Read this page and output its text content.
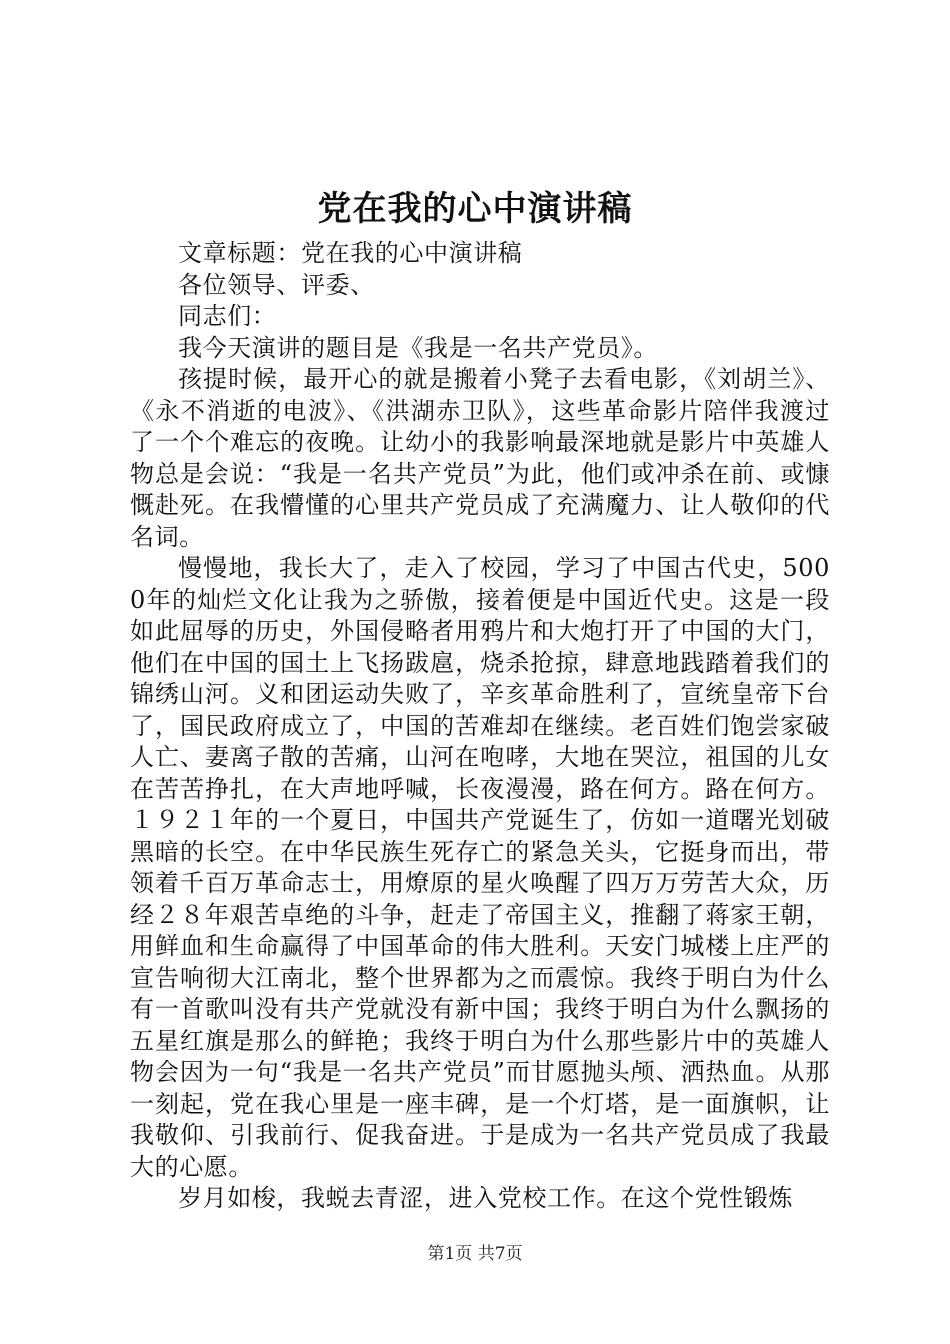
党在我的心中演讲稿

文章标题：党在我的心中演讲稿

各位领导、评委、

同志们：

我今天演讲的题目是《我是一名共产党员》。

孩提时候，最开心的就是搬着小凳子去看电影，《刘胡兰》、《永不消逝的电波》、《洪湖赤卫队》，这些革命影片陪伴我渡过了一个个难忘的夜晚。让幼小的我影响最深地就是影片中英雄人物总是会说：“我是一名共产党员”为此，他们或冲杀在前、或慷慨赴死。在我懵懂的心里共产党员成了充满魔力、让人敬仰的代名词。

慢慢地，我长大了，走入了校园，学习了中国古代史，5000年的灿烂文化让我为之骄傲，接着便是中国近代史。这是一段如此屈辱的历史，外国侵略者用鸦片和大炮打开了中国的大门，他们在中国的国土上飞扬跋扈，烧杀抢掠，肆意地践踏着我们的锦绣山河。义和团运动失败了，辛亥革命胜利了，宣统皇帝下台了，国民政府成立了，中国的苦难却在继续。老百姓们饱尝家破人亡、妻离子散的苦痛，山河在咆哮，大地在哭泣，祖国的儿女在苦苦挣扎，在大声地呼喊，长夜漫漫，路在何方。路在何方。１９２１年的一个夏日，中国共产党诞生了，仿如一道曙光划破黑暗的长空。在中华民族生死存亡的紧急关头，它挺身而出，带领着千百万革命志士，用燎原的星火唤醒了四万万劳苦大众，历经２８年艰苦卓绝的斗争，赶走了帝国主义，推翻了蒋家王朝，用鲜血和生命赢得了中国革命的伟大胜利。天安门城楼上庄严的宣告响彻大江南北，整个世界都为之而震惊。我终于明白为什么有一首歌叫没有共产党就没有新中国；我终于明白为什么飘扬的五星红旗是那么的鲜艳；我终于明白为什么那些影片中的英雄人物会因为一句“我是一名共产党员”而甘愿抛头颅、洒热血。从那一刻起，党在我心里是一座丰碑，是一个灯塔，是一面旗帜，让我敬仰、引我前行、促我奋进。于是成为一名共产党员成了我最大的心愿。

岁月如梭，我蜕去青涩，进入党校工作。在这个党性锻炼

第1页 共7页
